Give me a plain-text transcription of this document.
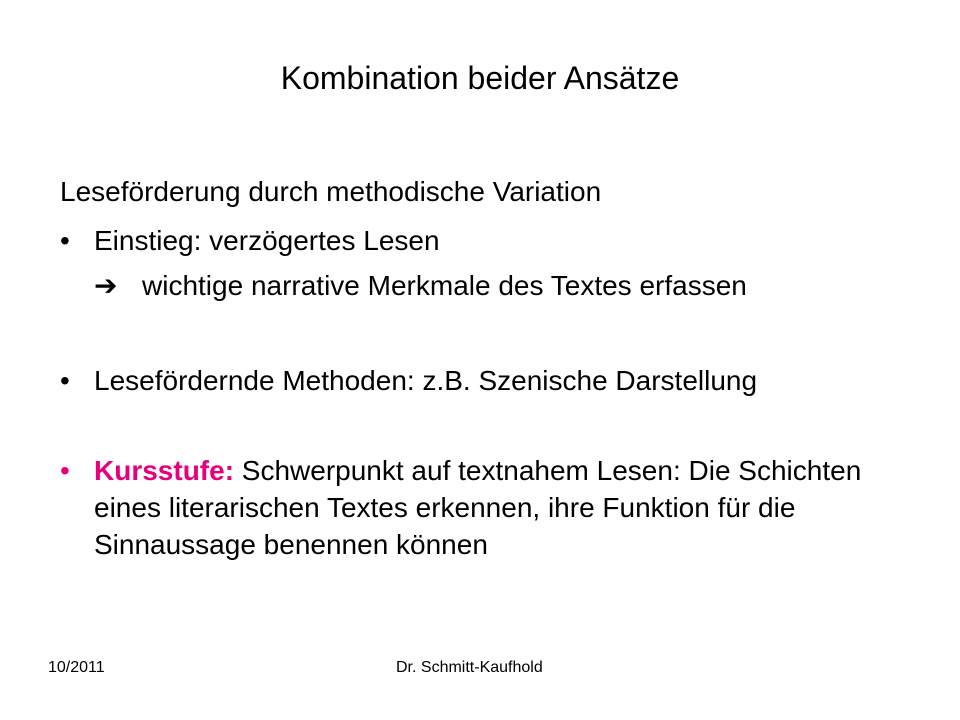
Kombination beider Ansätze
Leseförderung durch methodische Variation
• Einstieg: verzögertes Lesen
➔ wichtige narrative Merkmale des Textes erfassen
• Lesefördernde Methoden: z.B. Szenische Darstellung
• Kursstufe: Schwerpunkt auf textnahem Lesen: Die Schichten eines literarischen Textes erkennen, ihre Funktion für die Sinnaussage benennen können
10/2011	Dr. Schmitt-Kaufhold
